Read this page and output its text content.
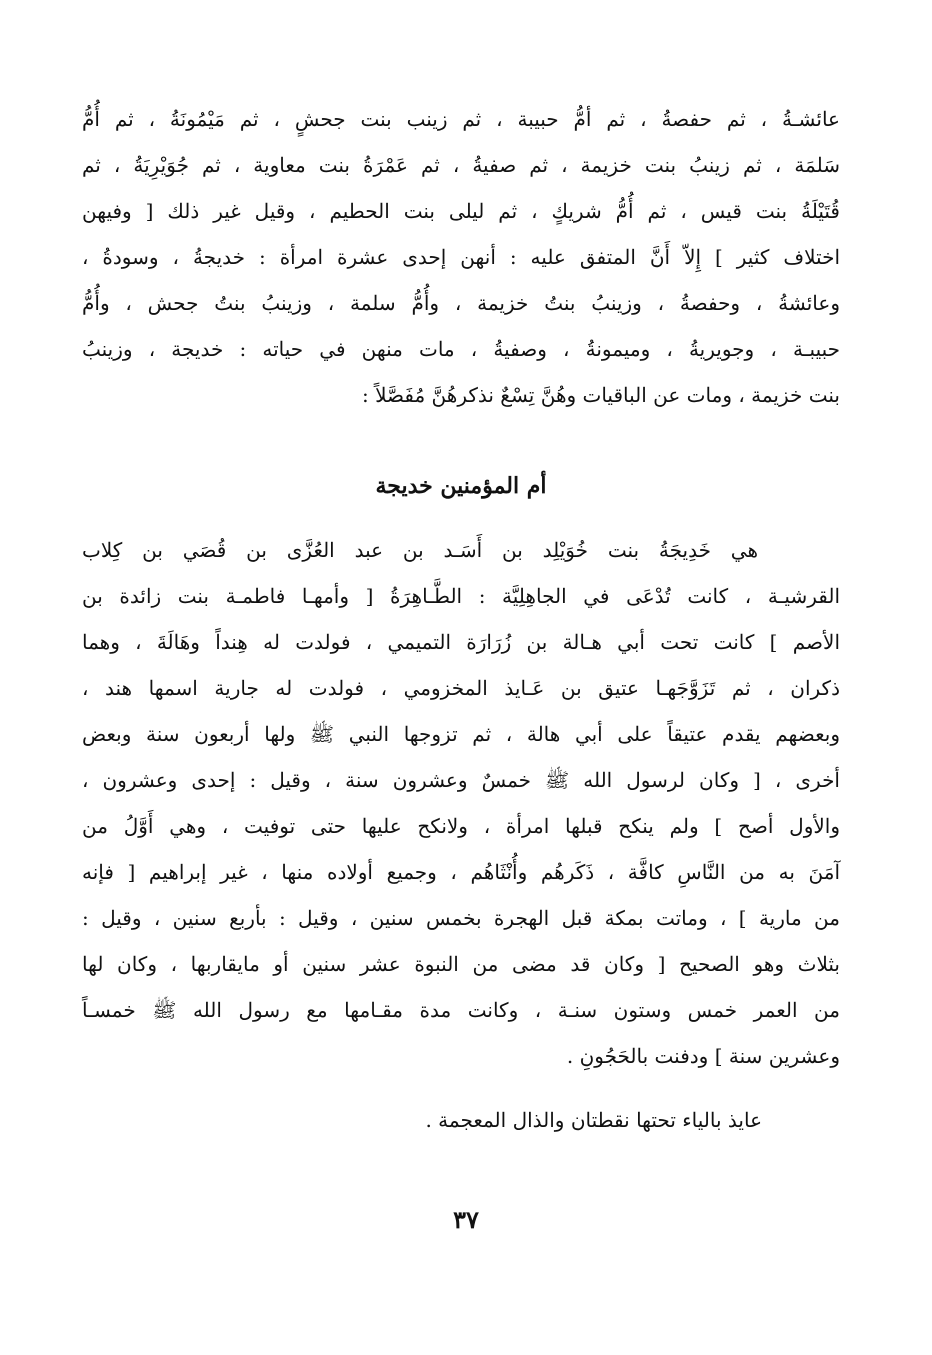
عائشـةُ ، ثم حفصةُ ، ثم أمُّ حبيبة ، ثم زينب بنت جحشٍ ، ثم مَيْمُونَةُ ، ثم أُمُّ
سَلمَة ، ثم زينبُ بنت خزيمة ، ثم صفيةُ ، ثم عَمْرَةُ بنت معاوية ، ثم جُوَيْرِيَةُ ، ثم
قُتَيْلَةُ بنت قيس ، ثم أُمُّ شريكٍ ، ثم ليلى بنت الحطيم ، وقيل غير ذلك [ وفيهن
اختلاف كثير ] إِلاّ أَنَّ المتفق عليه : أنهن إحدى عشرة امرأة : خديجةُ ، وسودةُ ،
وعائشةُ ، وحفصةُ ، وزينبُ بنتُ خزيمة ، وأُمُّ سلمة ، وزينبُ بنتُ جحش ، وأُمُّ
حبيبـة ، وجويريةُ ، وميمونةُ ، وصفيةُ ، مات منهن في حياته : خديجة ، وزينبُ
بنت خزيمة ، ومات عن الباقيات وهُنَّ تِسْعٌ نذكرهُنَّ مُفَصَّلاً :
أم المؤمنين خديجة
هي خَدِيجَةُ بنت خُوَيْلِد بن أَسَـد بن عبد العُزَّى بن قُصَي بن كِلاب
القرشيـة ، كانت تُدْعَى في الجاهِلِيَّة : الطَّـاهِرَةُ [ وأمهـا فاطمـة بنت زائدة بن
الأصم ] كانت تحت أبي هـالة بن زُرَارَة التميمي ، فولدت له هِنداً وهَالَةَ ، وهما
ذكران ، ثم تَزَوَّجَهـا عتيق بن عَـايذ المخزومي ، فولدت له جارية اسمها هند ،
وبعضهم يقدم عتيقاً على أبي هالة ، ثم تزوجها النبي ﷺ ولها أربعون سنة وبعض
أخرى ، [ وكان لرسول الله ﷺ خمسٌ وعشرون سنة ، وقيل : إحدى وعشرون ،
والأول أصح ] ولم ينكح قبلها امرأة ، ولانكح عليها حتى توفيت ، وهي أَوَّلُ من
آمَنَ به من النَّاسِ كافَّة ، ذَكَرهُم وأُنْثَاهُم ، وجميع أولاده منها ، غير إبراهيم [ فإنه
من مارية ] ، وماتت بمكة قبل الهجرة بخمس سنين ، وقيل : بأربع سنين ، وقيل :
بثلاث وهو الصحيح [ وكان قد مضى من النبوة عشر سنين أو مايقاربها ، وكان لها
من العمر خمس وستون سنـة ، وكانت مدة مقـامها مع رسول الله ﷺ خمسـاً
وعشرين سنة ] ودفنت بالحَجُونِ .
عايذ بالياء تحتها نقطتان والذال المعجمة .
٣٧
